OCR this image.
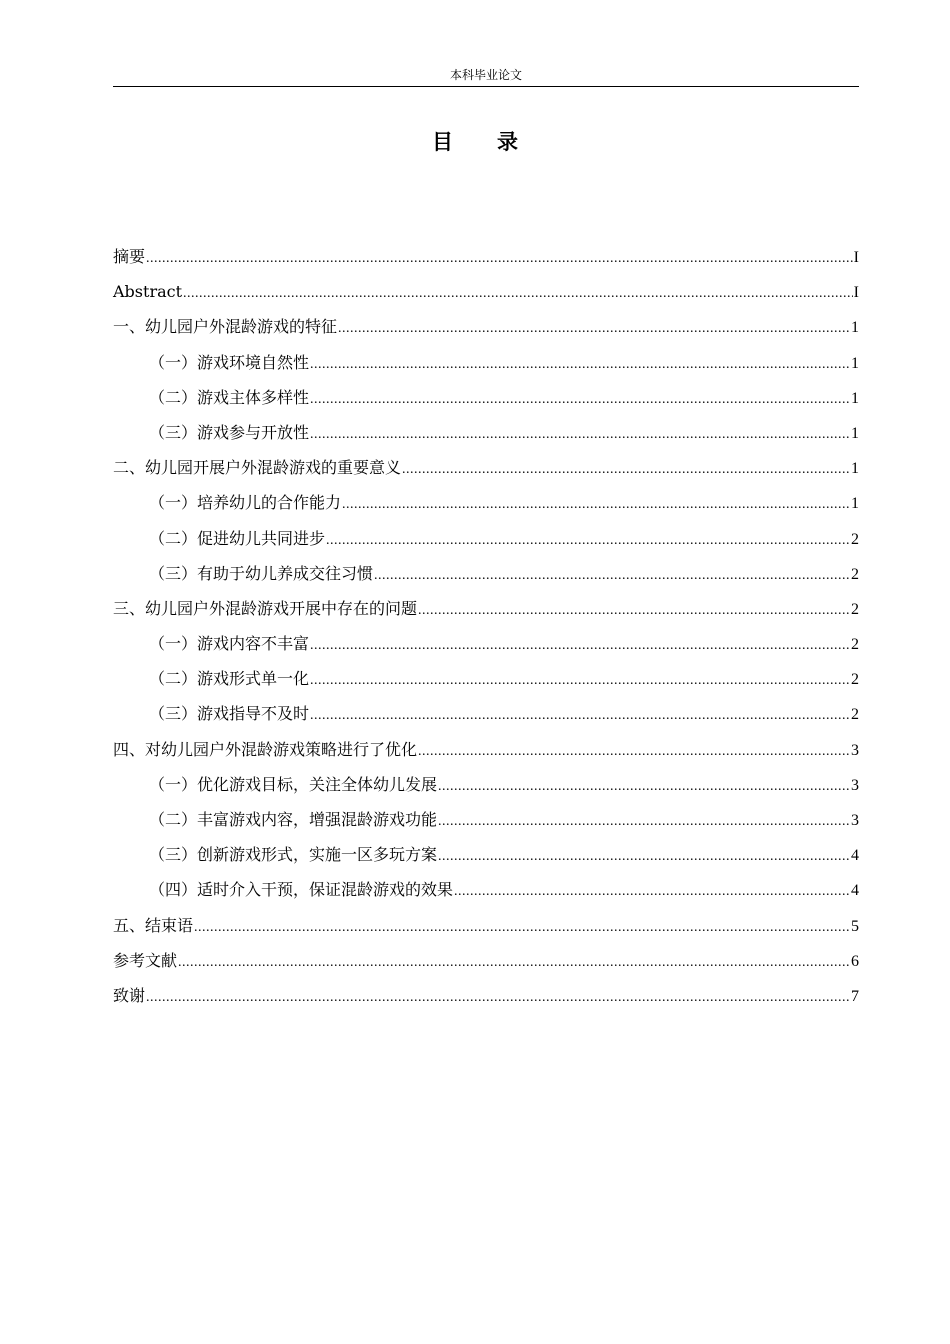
本科毕业论文
目 录
摘要 .....	I
Abstract .....	I
一、幼儿园户外混龄游戏的特征 .....	1
（一）游戏环境自然性 .....	1
（二）游戏主体多样性 .....	1
（三）游戏参与开放性 .....	1
二、幼儿园开展户外混龄游戏的重要意义 .....	1
（一）培养幼儿的合作能力 .....	1
（二）促进幼儿共同进步 .....	2
（三）有助于幼儿养成交往习惯 .....	2
三、幼儿园户外混龄游戏开展中存在的问题 .....	2
（一）游戏内容不丰富 .....	2
（二）游戏形式单一化 .....	2
（三）游戏指导不及时 .....	2
四、对幼儿园户外混龄游戏策略进行了优化 .....	3
（一）优化游戏目标，关注全体幼儿发展 .....	3
（二）丰富游戏内容，增强混龄游戏功能 .....	3
（三）创新游戏形式，实施一区多玩方案 .....	4
（四）适时介入干预，保证混龄游戏的效果 .....	4
五、结束语 .....	5
参考文献 .....	6
致谢 .....	7
